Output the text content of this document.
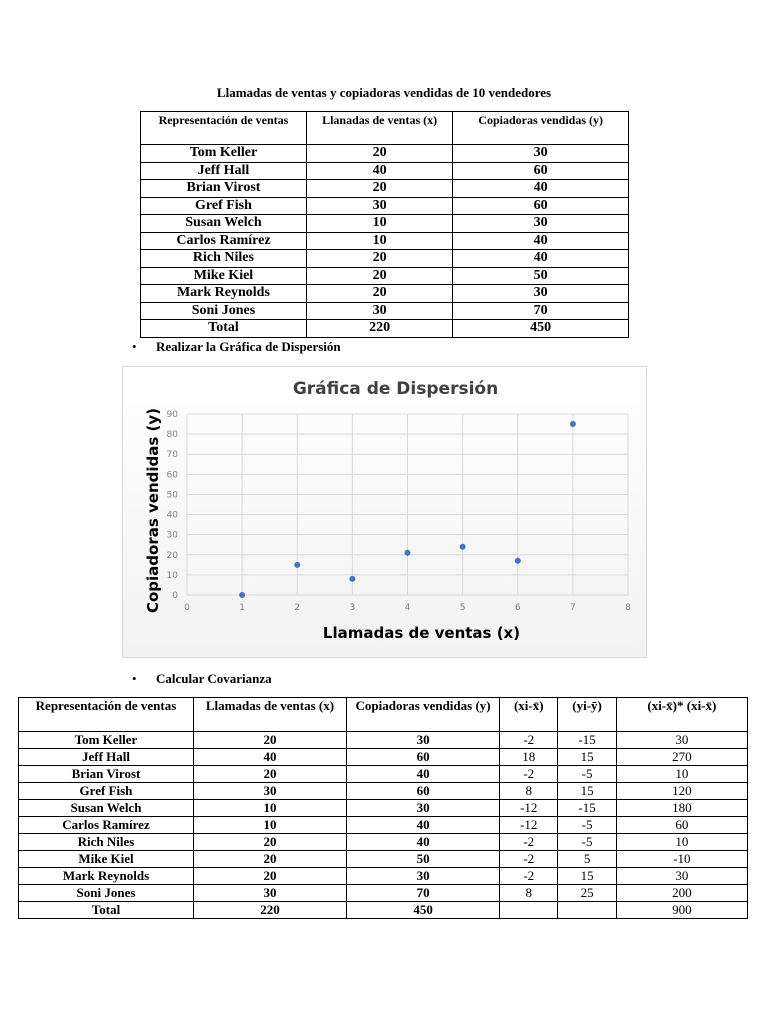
Llamadas de ventas y copiadoras vendidas de 10 vendedores
Representación de ventas	Llanadas de ventas (x)	Copiadoras vendidas (y)
Tom Keller	20	30
Jeff Hall	40	60
Brian Virost	20	40
Gref Fish	30	60
Susan Welch	10	30
Carlos Ramírez	10	40
Rich Niles	20	40
Mike Kiel	20	50
Mark Reynolds	20	30
Soni Jones	30	70
Total	220	450
• Realizar la Gráfica de Dispersión
Gráfica de Dispersión
0
10
20
30
40
50
60
70
80
90
0	1	2	3	4	5	6	7	8
Llamadas de ventas (x)
Copiadoras vendidas (y)
• Calcular Covarianza
Representación de ventas	Llamadas de ventas (x)	Copiadoras vendidas (y)	(xi-x̄)	(yi-ȳ)	(xi-x̄)* (xi-x̄)
Tom Keller	20	30	-2	-15	30
Jeff Hall	40	60	18	15	270
Brian Virost	20	40	-2	-5	10
Gref Fish	30	60	8	15	120
Susan Welch	10	30	-12	-15	180
Carlos Ramírez	10	40	-12	-5	60
Rich Niles	20	40	-2	-5	10
Mike Kiel	20	50	-2	5	-10
Mark Reynolds	20	30	-2	15	30
Soni Jones	30	70	8	25	200
Total	220	450			900
